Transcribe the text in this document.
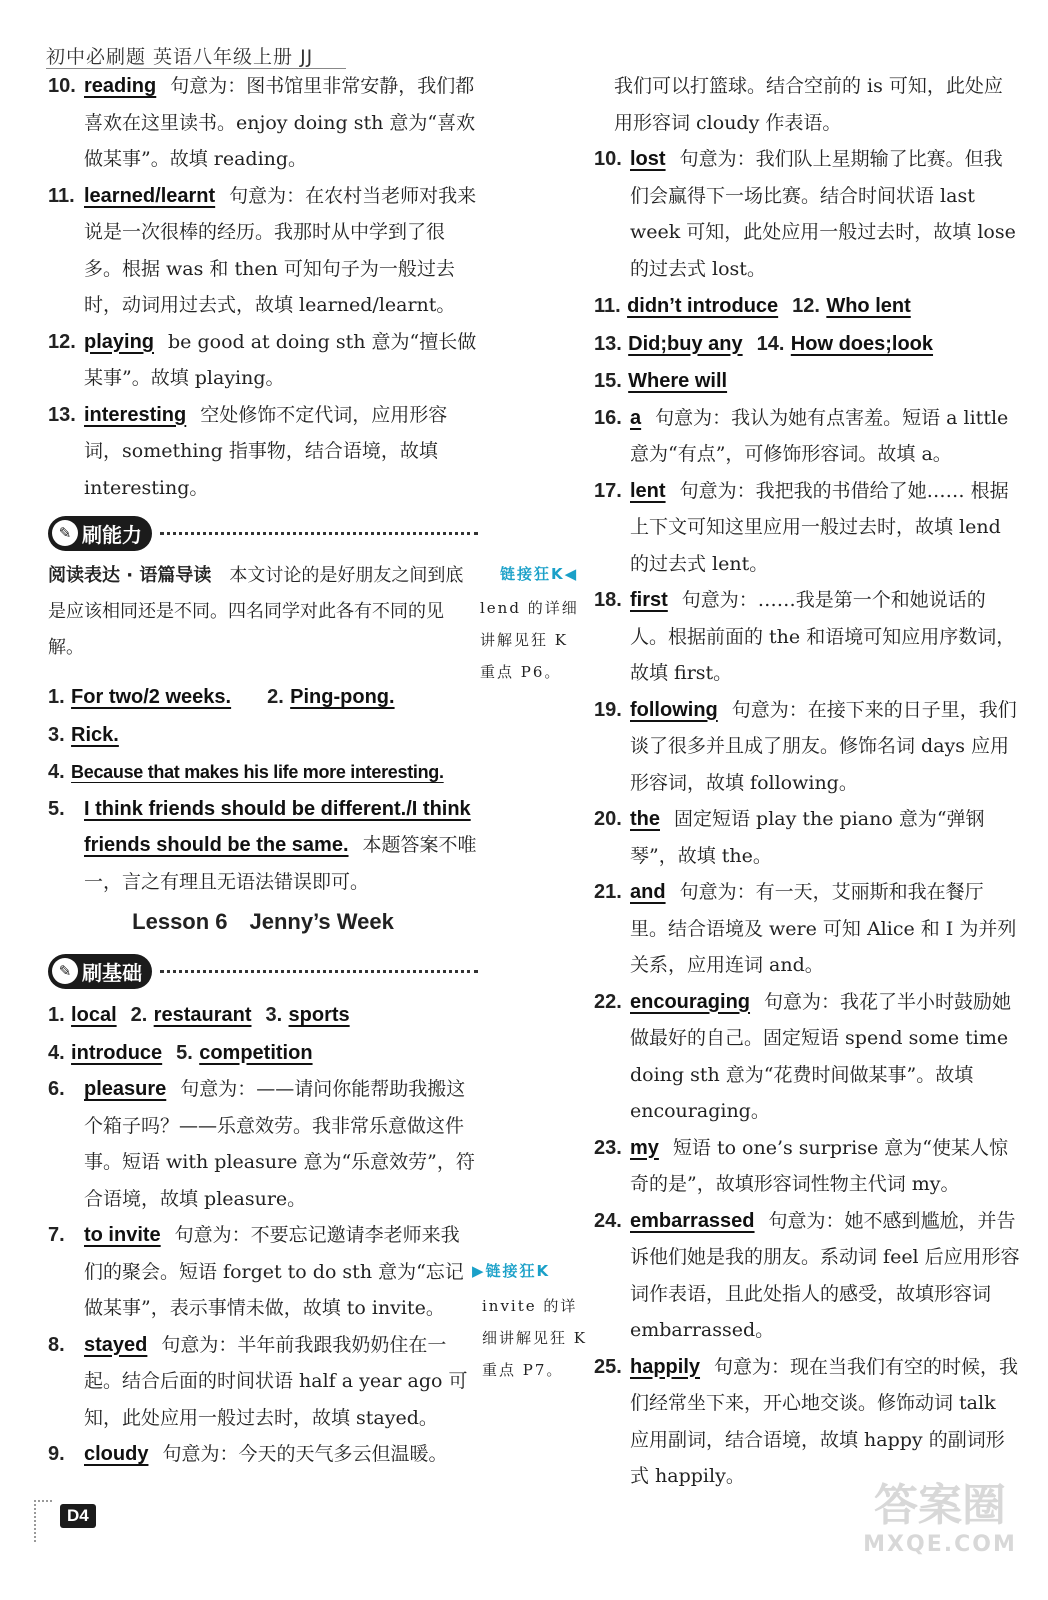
初中必刷题 英语八年级上册 JJ

10. reading 句意为：图书馆里非常安静，我们都喜欢在这里读书。enjoy doing sth 意为“喜欢做某事”。故填 reading。

11. learned/learnt 句意为：在农村当老师对我来说是一次很棒的经历。我那时从中学到了很多。根据 was 和 then 可知句子为一般过去时，动词用过去式，故填 learned/learnt。

12. playing be good at doing sth 意为“擅长做某事”。故填 playing。

13. interesting 空处修饰不定代词，应用形容词，something 指事物，结合语境，故填 interesting。

✎ 刷能力
阅读表达 · 语篇导读　 本文讨论的是好朋友之间到底是应该相同还是不同。四名同学对此各有不同的见解。
1. For two/2 weeks. 2. Ping-pong.
3. Rick.
4. Because that makes his life more interesting.

5. I think friends should be different./I think friends should be the same. 本题答案不唯一，言之有理且无语法错误即可。

Lesson 6　Jenny’s Week
✎ 刷基础
1. local 2. restaurant 3. sports
4. introduce 5. competition

6. pleasure 句意为：——请问你能帮助我搬这个箱子吗？——乐意效劳。我非常乐意做这件事。短语 with pleasure 意为“乐意效劳”，符合语境，故填 pleasure。

7. to invite 句意为：不要忘记邀请李老师来我们的聚会。短语 forget to do sth 意为“忘记做某事”，表示事情未做，故填 to invite。

8. stayed 句意为：半年前我跟我奶奶住在一起。结合后面的时间状语 half a year ago 可知，此处应用一般过去时，故填 stayed。

9. cloudy 句意为：今天的天气多云但温暖。

链接狂K◀
lend 的详细讲解见狂 K 重点 P6。
▶链接狂K
invite 的详细讲解见狂 K 重点 P7。

我们可以打篮球。结合空前的 is 可知，此处应用形容词 cloudy 作表语。

10. lost 句意为：我们队上星期输了比赛。但我们会赢得下一场比赛。结合时间状语 last week 可知，此处应用一般过去时，故填 lose 的过去式 lost。

11. didn’t introduce 12. Who lent
13. Did;buy any 14. How does;look
15. Where will

16. a 句意为：我认为她有点害羞。短语 a little 意为“有点”，可修饰形容词。故填 a。

17. lent 句意为：我把我的书借给了她…… 根据上下文可知这里应用一般过去时，故填 lend 的过去式 lent。

18. first 句意为：……我是第一个和她说话的人。根据前面的 the 和语境可知应用序数词，故填 first。

19. following 句意为：在接下来的日子里，我们谈了很多并且成了朋友。修饰名词 days 应用形容词，故填 following。

20. the 固定短语 play the piano 意为“弹钢琴”，故填 the。

21. and 句意为：有一天，艾丽斯和我在餐厅里。结合语境及 were 可知 Alice 和 I 为并列关系，应用连词 and。

22. encouraging 句意为：我花了半小时鼓励她做最好的自己。固定短语 spend some time doing sth 意为“花费时间做某事”。故填 encouraging。

23. my 短语 to one’s surprise 意为“使某人惊奇的是”，故填形容词性物主代词 my。

24. embarrassed 句意为：她不感到尴尬，并告诉他们她是我的朋友。系动词 feel 后应用形容词作表语，且此处指人的感受，故填形容词 embarrassed。

25. happily 句意为：现在当我们有空的时候，我们经常坐下来，开心地交谈。修饰动词 talk 应用副词，结合语境，故填 happy 的副词形式 happily。

D4	答案圈
MXQE.COM
